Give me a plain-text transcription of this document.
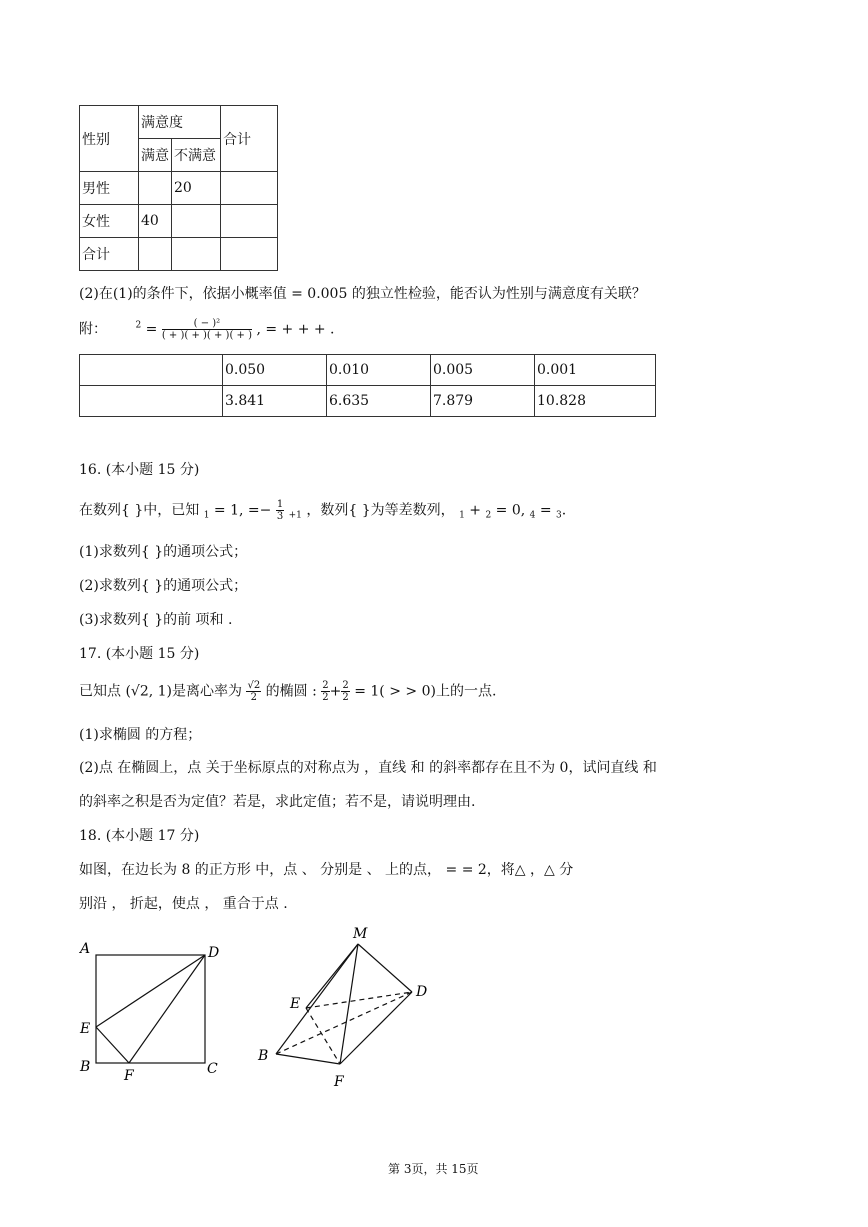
性别	满意度		合计
	满意	不满意	
男性		20	
女性	40		
合计			
(2)在(1)的条件下，依据小概率值 = 0.005 的独立性检验，能否认为性别与满意度有关联？
附：	$^2 = \frac{\text{( − )²}}{( + )( + )( + )( + )}$ , = + + + .
	0.050	0.010	0.005	0.001
	3.841	6.635	7.879	10.828
16. (本小题 15 分)
在数列{ }中，已知 $_1$ = 1, =− $\frac{1}{3} _{+1}$ ，数列{ }为等差数列， $_1$ + $_2$ = 0, $_4$ = $_3$.
(1)求数列{ }的通项公式；
(2)求数列{ }的通项公式；
(3)求数列{ }的前 项和 .
17. (本小题 15 分)
已知点 (√2, 1)是离心率为 $\frac{√2}{2}$ 的椭圆 : $\frac{2}{2} + \frac{2}{2} = 1$( > > 0)上的一点.
(1)求椭圆 的方程；
(2)点 在椭圆上，点 关于坐标原点的对称点为 ，直线 和 的斜率都存在且不为 0，试问直线 和
的斜率之积是否为定值？若是，求此定值；若不是，请说明理由.
18. (本小题 17 分)
如图，在边长为 8 的正方形 中，点 、 分别是 、 上的点， = = 2，将△ ，△ 分
别沿 ， 折起，使点 ， 重合于点 .
A	D
E
B
F	C
M
E
D
B
F
第 3页，共 15页
